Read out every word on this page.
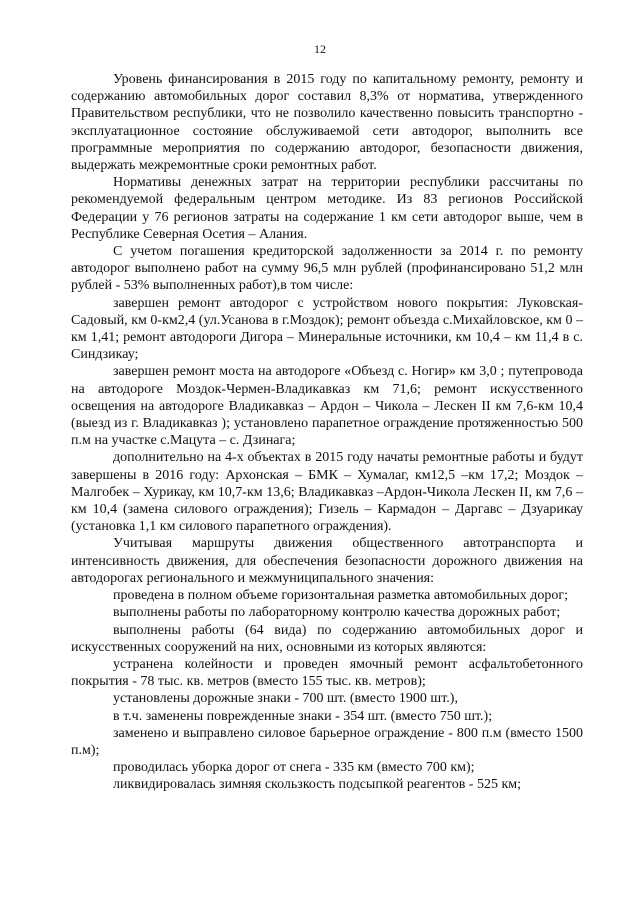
12

Уровень финансирования в 2015 году по капитальному ремонту, ремонту и содержанию автомобильных дорог составил 8,3% от норматива, утвержденного Правительством республики, что не позволило качественно повысить транспортно - эксплуатационное состояние обслуживаемой сети автодорог, выполнить все программные мероприятия по содержанию автодорог, безопасности движения, выдержать межремонтные сроки ремонтных работ.

Нормативы денежных затрат на территории республики рассчитаны по рекомендуемой федеральным центром методике. Из 83 регионов Российской Федерации у 76 регионов затраты на содержание 1 км сети автодорог выше, чем в Республике Северная Осетия – Алания.

С учетом погашения кредиторской задолженности за 2014 г. по ремонту автодорог выполнено работ на сумму 96,5 млн рублей (профинансировано 51,2 млн рублей - 53% выполненных работ),в том числе:

завершен ремонт автодорог с устройством нового покрытия: Луковская-Садовый, км 0-км2,4 (ул.Усанова в г.Моздок); ремонт объезда с.Михайловское, км 0 – км 1,41; ремонт автодороги Дигора – Минеральные источники, км 10,4 – км 11,4 в с. Синдзикау;

завершен ремонт моста на автодороге «Объезд с. Ногир» км 3,0 ; путепровода на автодороге Моздок-Чермен-Владикавказ км 71,6; ремонт искусственного освещения на автодороге Владикавказ – Ардон – Чикола – Лескен II км 7,6-км 10,4 (выезд из г. Владикавказ ); установлено парапетное ограждение протяженностью 500 п.м на участке с.Мацута – с. Дзинага;

дополнительно на 4-х объектах в 2015 году начаты ремонтные работы и будут завершены в 2016 году: Архонская – БМК – Хумалаг, км12,5 –км 17,2; Моздок – Малгобек – Хурикау, км 10,7-км 13,6; Владикавказ –Ардон-Чикола Лескен II, км 7,6 – км 10,4 (замена силового ограждения); Гизель – Кармадон – Даргавс – Дзуарикау (установка 1,1 км силового парапетного ограждения).

Учитывая маршруты движения общественного автотранспорта и интенсивность движения, для обеспечения безопасности дорожного движения на автодорогах регионального и межмуниципального значения:

проведена в полном объеме горизонтальная разметка автомобильных дорог;

выполнены работы по лабораторному контролю качества дорожных работ;

выполнены работы (64 вида) по содержанию автомобильных дорог и искусственных сооружений на них, основными из которых являются:

устранена колейности и проведен ямочный ремонт асфальтобетонного покрытия - 78 тыс. кв. метров (вместо 155 тыс. кв. метров);

установлены дорожные знаки - 700 шт. (вместо 1900 шт.),

в т.ч. заменены поврежденные знаки - 354 шт. (вместо 750 шт.);

заменено и выправлено силовое барьерное ограждение - 800 п.м (вместо 1500 п.м);

проводилась уборка дорог от снега - 335 км (вместо 700 км);

ликвидировалась зимняя скользкость подсыпкой реагентов - 525 км;
